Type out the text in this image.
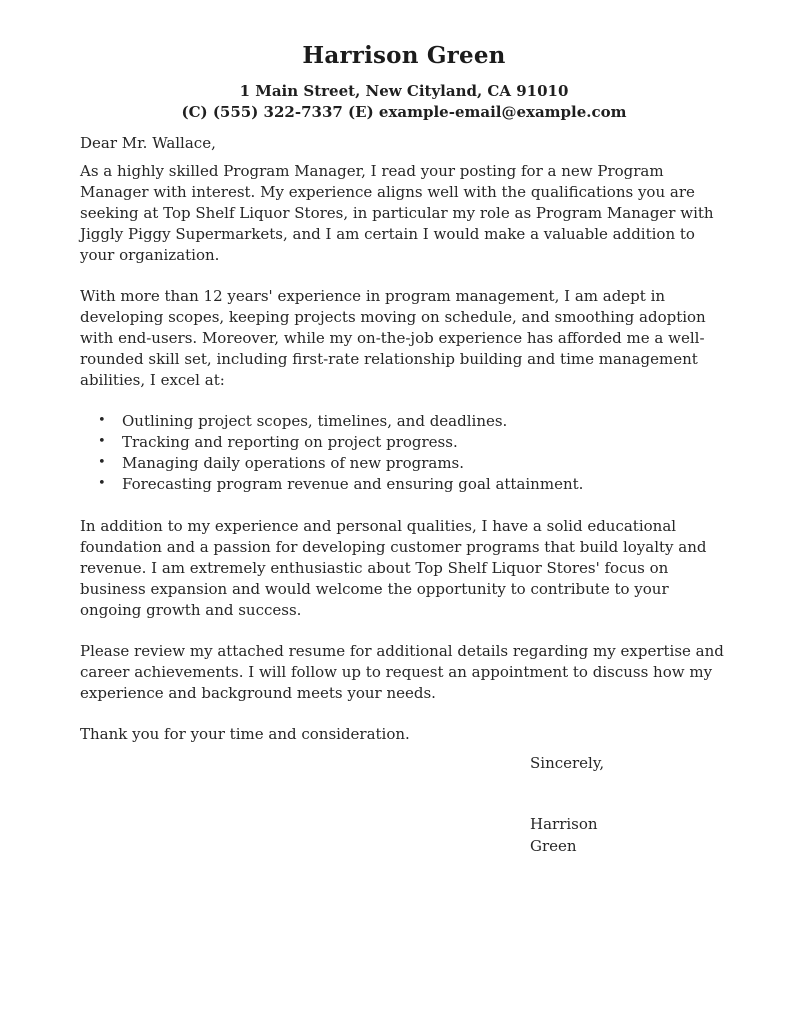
Harrison Green
1 Main Street, New Cityland, CA 91010
(C) (555) 322-7337 (E) example-email@example.com

Dear Mr. Wallace,

As a highly skilled Program Manager, I read your posting for a new Program Manager with interest. My experience aligns well with the qualifications you are seeking at Top Shelf Liquor Stores, in particular my role as Program Manager with Jiggly Piggy Supermarkets, and I am certain I would make a valuable addition to your organization.

With more than 12 years' experience in program management, I am adept in developing scopes, keeping projects moving on schedule, and smoothing adoption with end-users. Moreover, while my on-the-job experience has afforded me a well-rounded skill set, including first-rate relationship building and time management abilities, I excel at:

• Outlining project scopes, timelines, and deadlines.
• Tracking and reporting on project progress.
• Managing daily operations of new programs.
• Forecasting program revenue and ensuring goal attainment.

In addition to my experience and personal qualities, I have a solid educational foundation and a passion for developing customer programs that build loyalty and revenue. I am extremely enthusiastic about Top Shelf Liquor Stores' focus on business expansion and would welcome the opportunity to contribute to your ongoing growth and success.

Please review my attached resume for additional details regarding my expertise and career achievements. I will follow up to request an appointment to discuss how my experience and background meets your needs.

Thank you for your time and consideration.

Sincerely,

Harrison
Green
